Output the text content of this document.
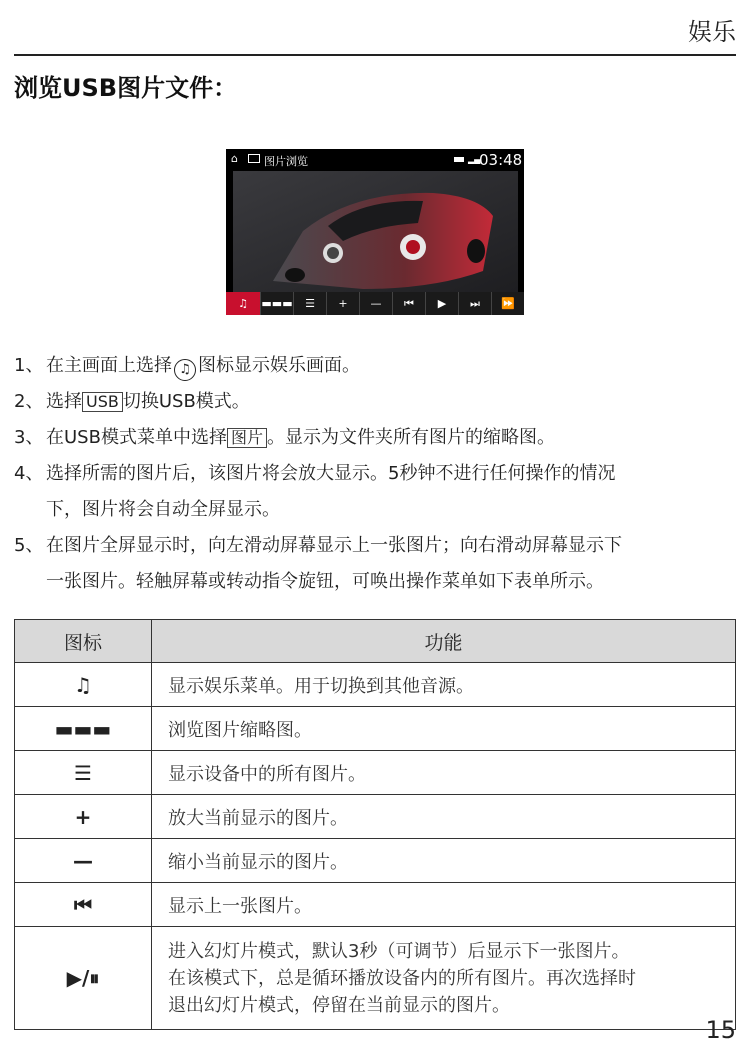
娱乐
浏览USB图片文件：
⌂ 图片浏览	▂▄
03:48
♫	▬▬▬	☰	+	—	⏮	▶	⏭	⏩
1、 在主画面上选择 ♫ 图标显示娱乐画面。
2、 选择 USB 切换USB模式。
3、 在USB模式菜单中选择 图片 。显示为文件夹所有图片的缩略图。
4、 选择所需的图片后，该图片将会放大显示。5秒钟不进行任何操作的情况
下，图片将会自动全屏显示。
5、 在图片全屏显示时，向左滑动屏幕显示上一张图片；向右滑动屏幕显示下
一张图片。轻触屏幕或转动指令旋钮，可唤出操作菜单如下表单所示。
图标	功能
♫	显示娱乐菜单。用于切换到其他音源。
▬▬▬	浏览图片缩略图。
☰	显示设备中的所有图片。
+	放大当前显示的图片。
—	缩小当前显示的图片。
⏮	显示上一张图片。
▶/⏸	进入幻灯片模式，默认3秒（可调节）后显示下一张图片。
在该模式下，总是循环播放设备内的所有图片。再次选择时
退出幻灯片模式，停留在当前显示的图片。
15
